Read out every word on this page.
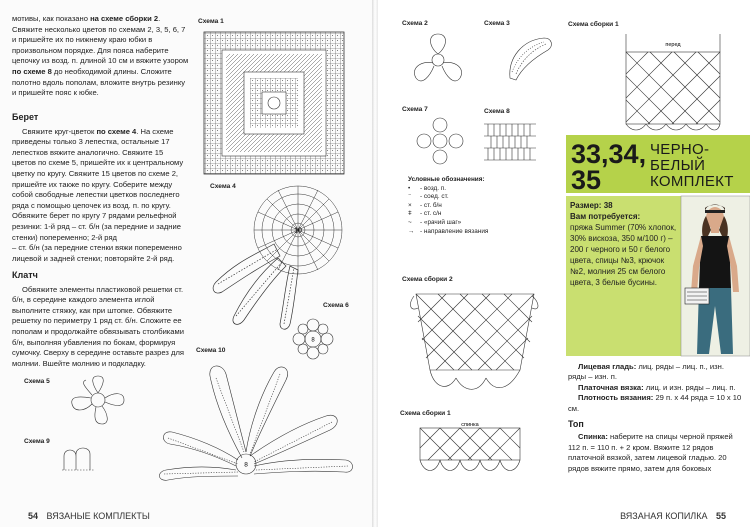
мотивы, как показано на схеме сборки 2. Свяжите несколько цветов по схемам 2, 3, 5, 6, 7 и пришейте их по нижнему краю юбки в произвольном порядке. Для пояса наберите цепочку из возд. п. длиной 10 см и вяжите узором по схеме 8 до необходимой длины. Сложите полотно вдоль пополам, вложите внутрь резинку и пришейте пояс к юбке.

Берет

Свяжите круг-цветок по схеме 4. На схеме приведены только 3 лепестка, остальные 17 лепестков вяжите аналогично. Свяжите 15 цветов по схеме 5, пришейте их к центральному цветку по кругу. Свяжите 15 цветов по схеме 2, пришейте их также по кругу. Соберите между собой свободные лепестки цветков последнего ряда с помощью цепочек из возд. п. по кругу. Обвяжите берет по кругу 7 рядами рельефной резинки: 1-й ряд – ст. б/н (за передние и задние стенки) попеременно; 2-й ряд

– ст. б/н (за передние стенки вяжи попеременно лицевой и задней стенки; повторяйте 2-й ряд.

Клатч

Обвяжите элементы пластиковой решетки ст. б/н, в середине каждого элемента иглой выполните стяжку, как при штопке. Обвяжите решетку по периметру 1 ряд ст. б/н. Сложите ее пополам и продолжайте обвязывать столбиками б/н, выполняя убавления по бокам, формируя сумочку. Сверху в середине оставьте разрез для молнии. Вшейте молнию и подкладку.

Схема 1
Схема 4
Схема 6
Схема 10
Схема 5
Схема 9
10
8
8
54 ВЯЗАНЫЕ КОМПЛЕКТЫ
Схема 2	Схема 3	Схема сборки 1
Схема 7	Схема 8
Схема сборки 2
Схема сборки 1
перед
Условные обозначения:
• - возд. п.
⁻ - соед. ст.
× - ст. б/н
ǂ - ст. с/н
~ - «рачий шаг»
→ - направление вязания
спинка
33,34,
35
ЧЕРНО-
БЕЛЫЙ
КОМПЛЕКТ
Размер: 38
Вам потребуется:
пряжа Summer (70% хлопок, 30% вискоза, 350 м/100 г) – 200 г черного и 50 г белого цвета, спицы №3, крючок №2, молния 25 см белого цвета, 3 белые бусины.

Лицевая гладь: лиц. ряды – лиц. п., изн. ряды – изн. п.

Платочная вязка: лиц. и изн. ряды – лиц. п.

Плотность вязания: 29 п. х 44 ряда = 10 х 10 см.

Топ

Спинка: наберите на спицы черной пряжей 112 п. = 110 п. + 2 кром. Вяжите 12 рядов платочной вязкой, затем лицевой гладью. 20 рядов вяжите прямо, затем для боковых

ВЯЗАНАЯ КОПИЛКА 55
